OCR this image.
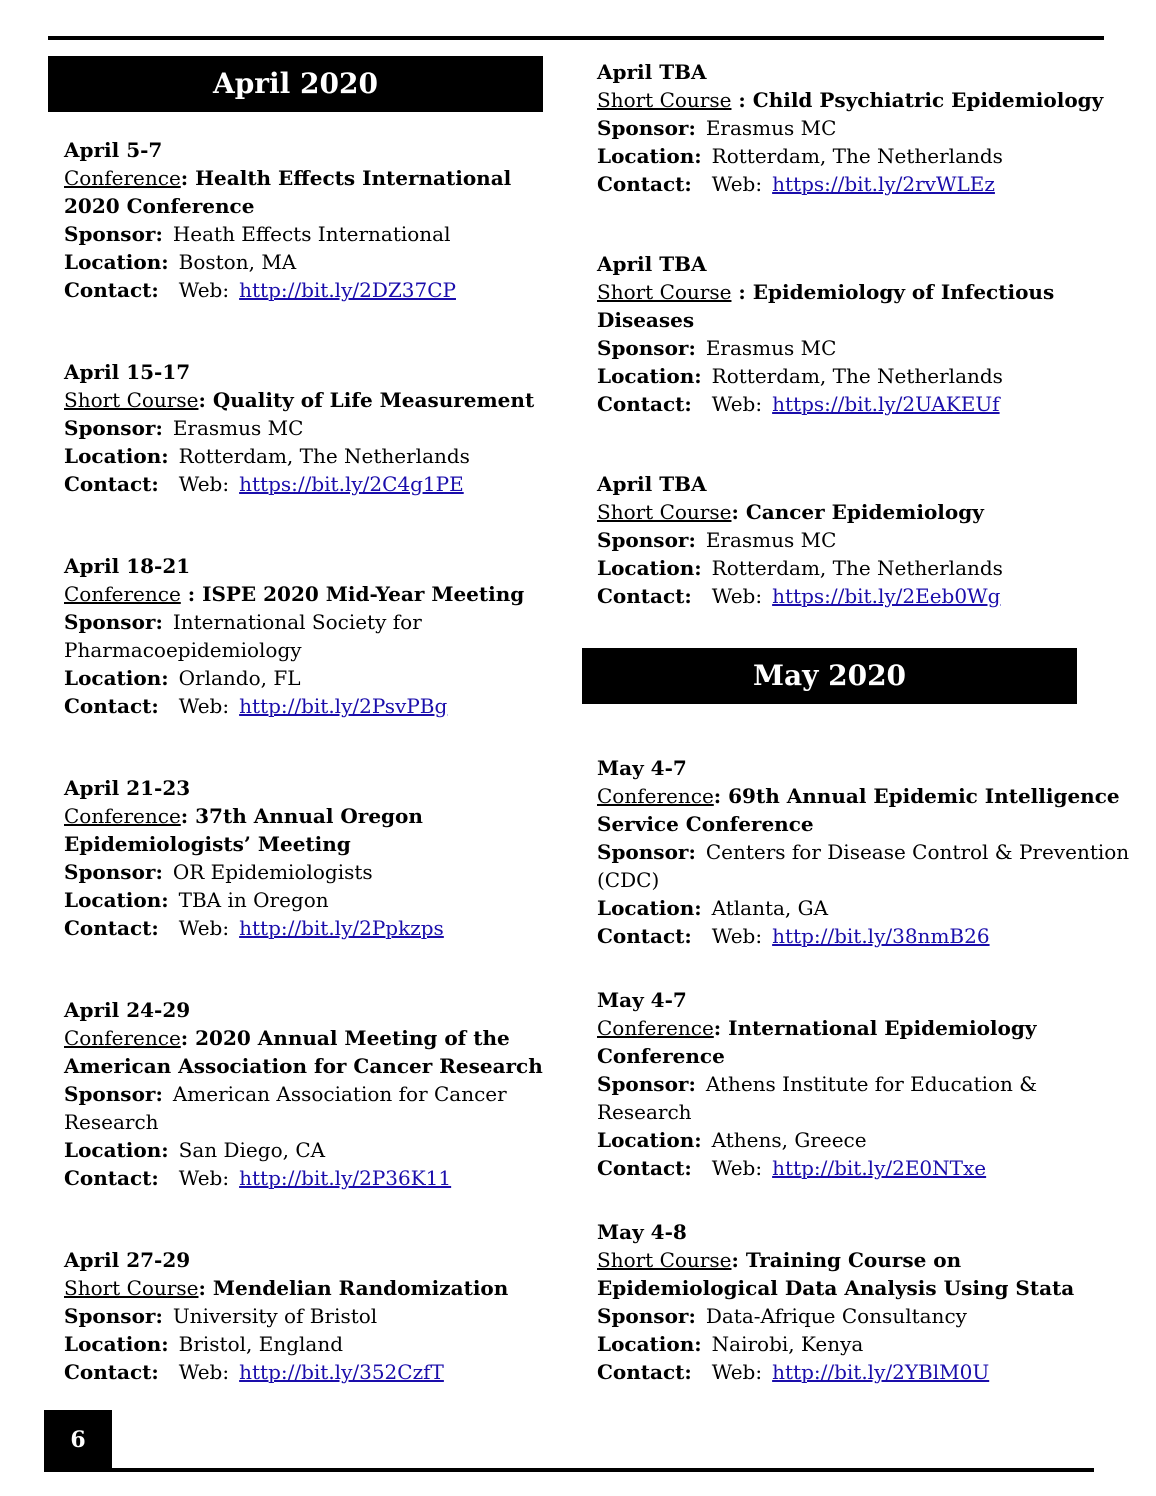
April 2020
April 5-7
Conference: Health Effects International 2020 Conference
Sponsor: Heath Effects International
Location: Boston, MA
Contact: Web: http://bit.ly/2DZ37CP
April 15-17
Short Course: Quality of Life Measurement
Sponsor: Erasmus MC
Location: Rotterdam, The Netherlands
Contact: Web: https://bit.ly/2C4g1PE
April 18-21
Conference : ISPE 2020 Mid-Year Meeting
Sponsor: International Society for Pharmacoepidemiology
Location: Orlando, FL
Contact: Web: http://bit.ly/2PsvPBg
April 21-23
Conference: 37th Annual Oregon Epidemiologists’ Meeting
Sponsor: OR Epidemiologists
Location: TBA in Oregon
Contact: Web: http://bit.ly/2Ppkzps
April 24-29
Conference: 2020 Annual Meeting of the American Association for Cancer Research
Sponsor: American Association for Cancer Research
Location: San Diego, CA
Contact: Web: http://bit.ly/2P36K11
April 27-29
Short Course: Mendelian Randomization
Sponsor: University of Bristol
Location: Bristol, England
Contact: Web: http://bit.ly/352CzfT
April TBA
Short Course : Child Psychiatric Epidemiology
Sponsor: Erasmus MC
Location: Rotterdam, The Netherlands
Contact: Web: https://bit.ly/2rvWLEz
April TBA
Short Course : Epidemiology of Infectious Diseases
Sponsor: Erasmus MC
Location: Rotterdam, The Netherlands
Contact: Web: https://bit.ly/2UAKEUf
April TBA
Short Course: Cancer Epidemiology
Sponsor: Erasmus MC
Location: Rotterdam, The Netherlands
Contact: Web: https://bit.ly/2Eeb0Wg
May 2020
May 4-7
Conference: 69th Annual Epidemic Intelligence Service Conference
Sponsor: Centers for Disease Control & Prevention (CDC)
Location: Atlanta, GA
Contact: Web: http://bit.ly/38nmB26
May 4-7
Conference: International Epidemiology Conference
Sponsor: Athens Institute for Education & Research
Location: Athens, Greece
Contact: Web: http://bit.ly/2E0NTxe
May 4-8
Short Course: Training Course on Epidemiological Data Analysis Using Stata
Sponsor: Data-Afrique Consultancy
Location: Nairobi, Kenya
Contact: Web: http://bit.ly/2YBlM0U
6
